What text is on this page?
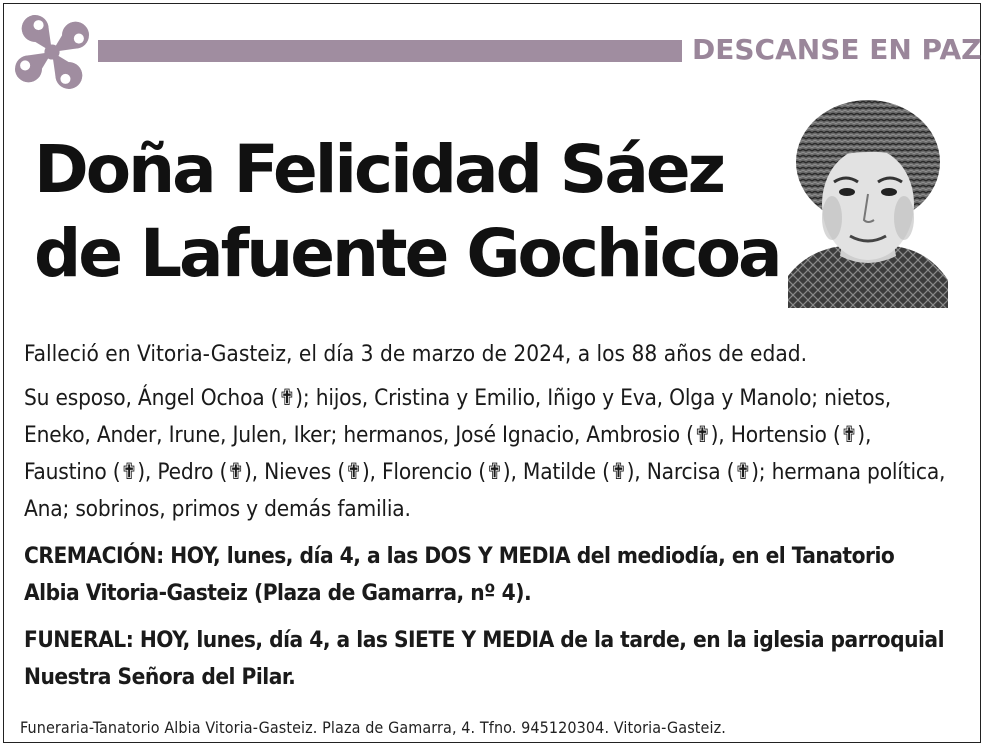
DESCANSE EN PAZ
Doña Felicidad Sáez
de Lafuente Gochicoa
Falleció en Vitoria-Gasteiz, el día 3 de marzo de 2024, a los 88 años de edad.
Su esposo, Ángel Ochoa (✟); hijos, Cristina y Emilio, Iñigo y Eva, Olga y Manolo; nietos, Eneko, Ander, Irune, Julen, Iker; hermanos, José Ignacio, Ambrosio (✟), Hortensio (✟), Faustino (✟), Pedro (✟), Nieves (✟), Florencio (✟), Matilde (✟), Narcisa (✟); hermana política, Ana; sobrinos, primos y demás familia.
CREMACIÓN: HOY, lunes, día 4, a las DOS Y MEDIA del mediodía, en el Tanatorio Albia Vitoria-Gasteiz (Plaza de Gamarra, nº 4).
FUNERAL: HOY, lunes, día 4, a las SIETE Y MEDIA de la tarde, en la iglesia parroquial Nuestra Señora del Pilar.
Funeraria-Tanatorio Albia Vitoria-Gasteiz. Plaza de Gamarra, 4. Tfno. 945120304. Vitoria-Gasteiz.
